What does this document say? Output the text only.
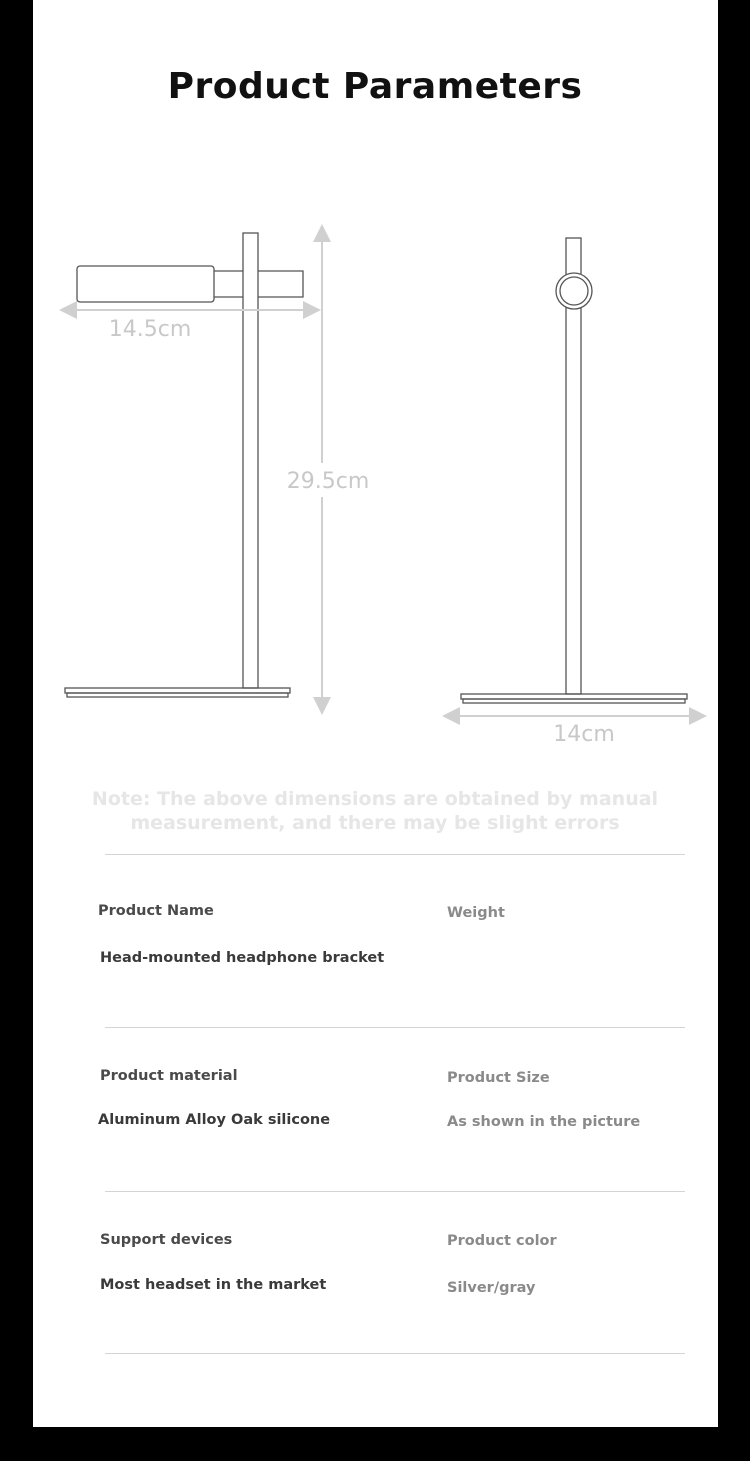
Product Parameters
14.5cm
29.5cm
14cm
Note: The above dimensions are obtained by manual measurement, and there may be slight errors
Product Name
Head-mounted headphone bracket
Weight
Product material
Aluminum Alloy Oak silicone
Product Size
As shown in the picture
Support devices
Most headset in the market
Product color
Silver/gray
